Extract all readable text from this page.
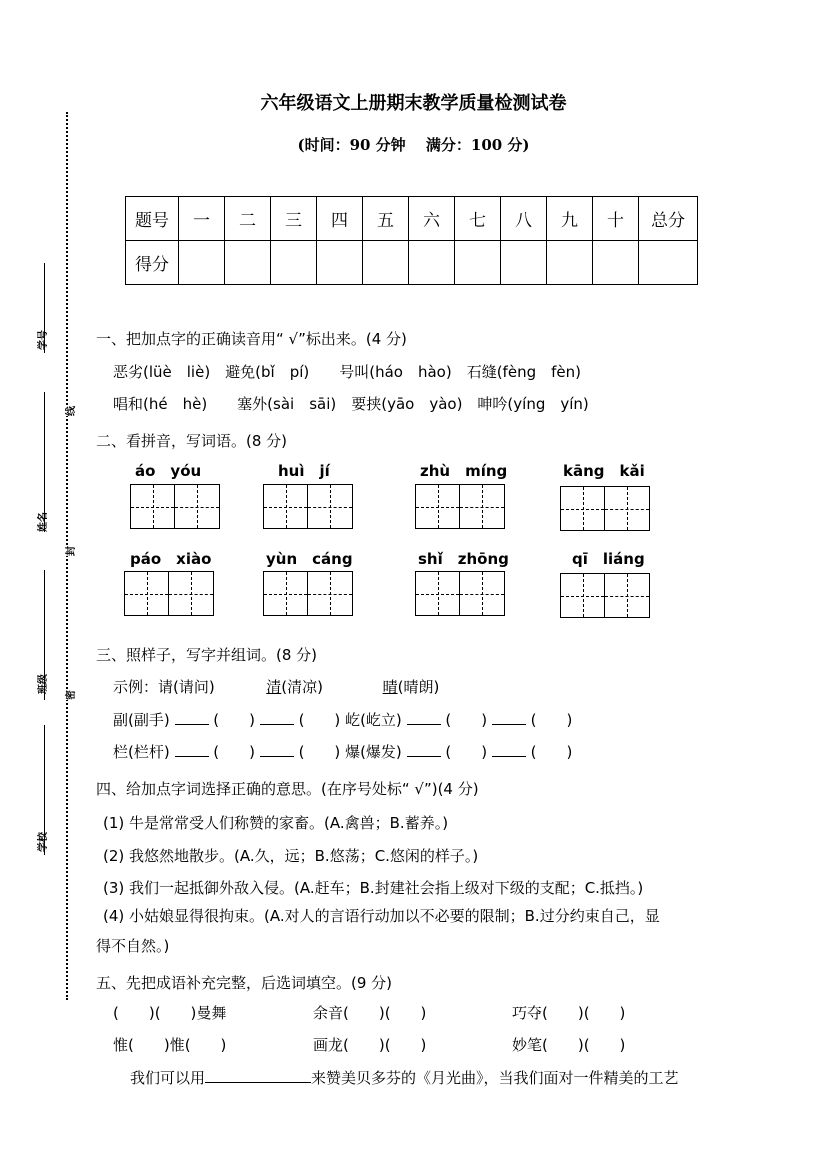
六年级语文上册期末教学质量检测试卷
(时间：90 分钟　 满分：100 分)
题号	一	二	三	四	五	六	七	八	九	十	总分
得分											
学号
姓名
班级
学校
线
封
密
一、把加点字的正确读音用“ √”标出来。(4 分)
恶劣(lüè　liè)　避免(bǐ　pí)　　号叫(háo　hào)　石缝(fèng　fèn)
唱和(hé　hè)　　塞外(sài　sāi)　要挟(yāo　yào)　呻吟(yíng　yín)
二、看拼音，写词语。(8 分)
áo　yóu	huì　jí	zhù　míng	kāng　kǎi
páo　xiào	yùn　cáng	shǐ　zhōng	qī　liáng
三、照样子，写字并组词。(8 分)
示例：请(请问)	清(清凉)	晴(晴朗)
副(副手)	(　　)	(　　) 屹(屹立)	(　　)	(　　)
栏(栏杆)	(　　)	(　　) 爆(爆发)	(　　)	(　　)
四、给加点字词选择正确的意思。(在序号处标“ √”)(4 分)
(1) 牛是常常受人们称赞的家畜。(A.禽兽；B.蓄养。)
(2) 我悠然地散步。(A.久，远；B.悠荡；C.悠闲的样子。)
(3) 我们一起抵御外敌入侵。(A.赶车；B.封建社会指上级对下级的支配；C.抵挡。)
(4) 小姑娘显得很拘束。(A.对人的言语行动加以不必要的限制；B.过分约束自己，显
得不自然。)
五、先把成语补充完整，后选词填空。(9 分)
(　　)(　　)曼舞	余音(　　)(　　)	巧夺(　　)(　　)
惟(　　)惟(　　)	画龙(　　)(　　)	妙笔(　　)(　　)
我们可以用	来赞美贝多芬的《月光曲》，当我们面对一件精美的工艺
